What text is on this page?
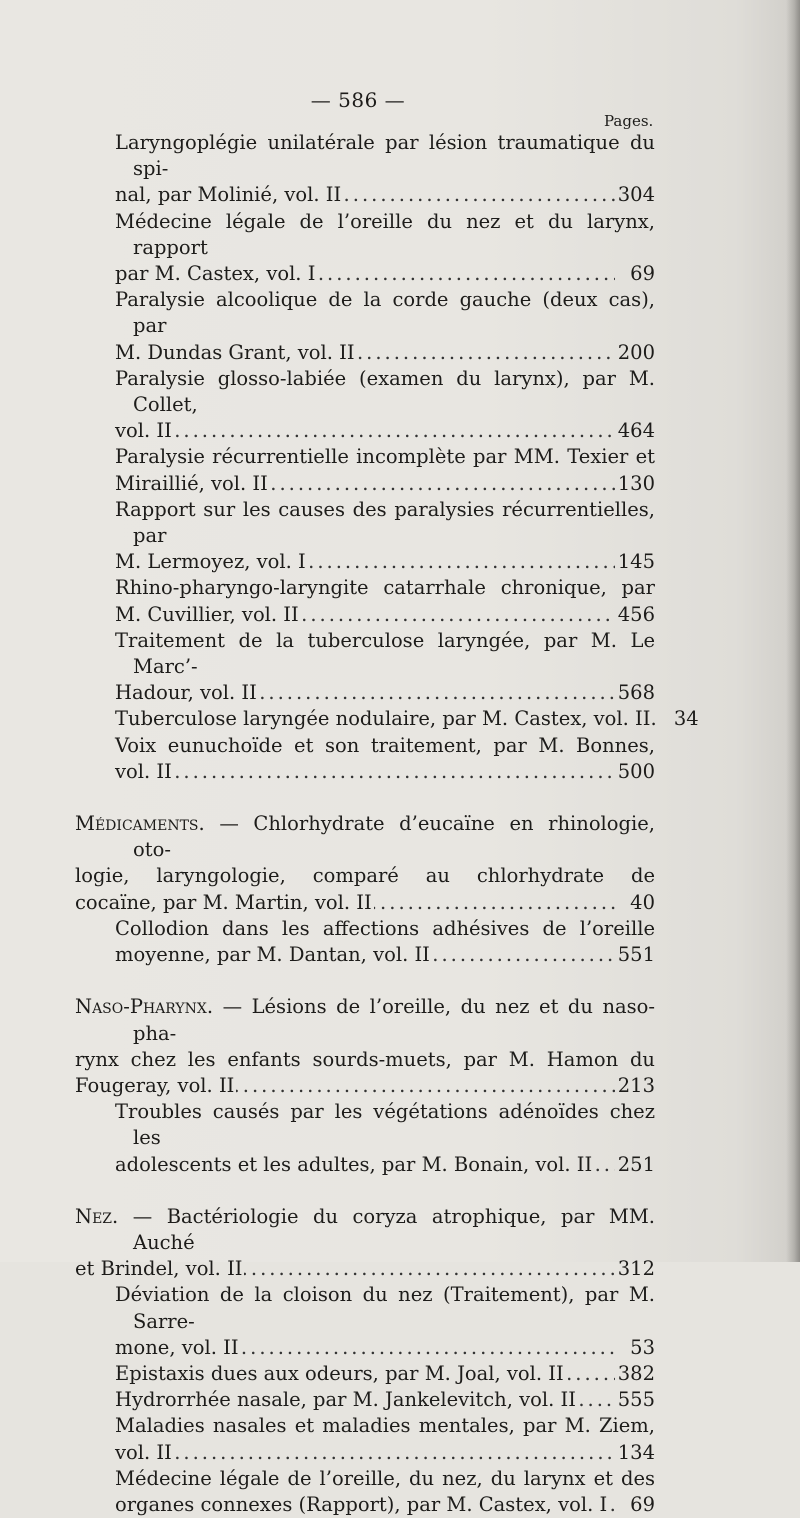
— 586 —
Pages.
Laryngoplégie unilatérale par lésion traumatique du spi-
nal, par Molinié, vol. II .....	304
Médecine légale de l’oreille du nez et du larynx, rapport
par M. Castex, vol. I .....	69
Paralysie alcoolique de la corde gauche (deux cas), par
M. Dundas Grant, vol. II .....	200
Paralysie glosso-labiée (examen du larynx), par M. Collet,
vol. II .....	464
Paralysie récurrentielle incomplète par MM. Texier et
Miraillié, vol. II .....	130
Rapport sur les causes des paralysies récurrentielles, par
M. Lermoyez, vol. I .....	145
Rhino-pharyngo-laryngite catarrhale chronique, par
M. Cuvillier, vol. II .....	456
Traitement de la tuberculose laryngée, par M. Le Marc’-
Hadour, vol. II .....	568
Tuberculose laryngée nodulaire, par M. Castex, vol. II. 34
Voix eunuchoïde et son traitement, par M. Bonnes,
vol. II .....	500
Médicaments. — Chlorhydrate d’eucaïne en rhinologie, oto-
logie, laryngologie, comparé au chlorhydrate de
cocaïne, par M. Martin, vol. II .....	40
Collodion dans les affections adhésives de l’oreille
moyenne, par M. Dantan, vol. II .....	551
Naso-Pharynx. — Lésions de l’oreille, du nez et du naso-pha-
rynx chez les enfants sourds-muets, par M. Hamon du
Fougeray, vol. II .....	213
Troubles causés par les végétations adénoïdes chez les
adolescents et les adultes, par M. Bonain, vol. II ..... 251
Nez. — Bactériologie du coryza atrophique, par MM. Auché
et Brindel, vol. II .....	312
Déviation de la cloison du nez (Traitement), par M. Sarre-
mone, vol. II .....	53
Epistaxis dues aux odeurs, par M. Joal, vol. II .....	382
Hydrorrhée nasale, par M. Jankelevitch, vol. II ..... 555
Maladies nasales et maladies mentales, par M. Ziem,
vol. II .....	134
Médecine légale de l’oreille, du nez, du larynx et des
organes connexes (Rapport), par M. Castex, vol. I .....	69
